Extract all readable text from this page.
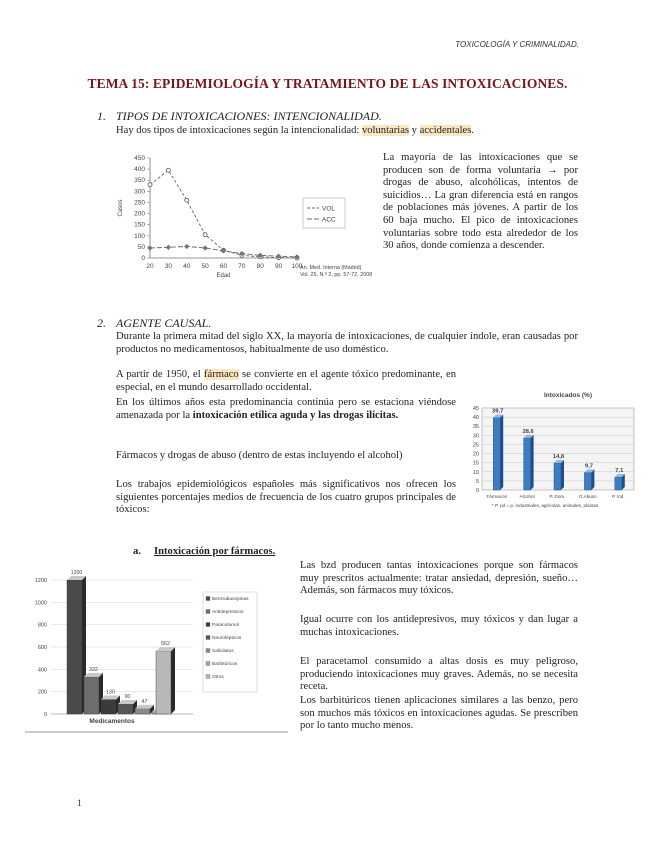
TOXICOLOGÍA Y CRIMINALIDAD.
TEMA 15: EPIDEMIOLOGÍA Y TRATAMIENTO DE LAS INTOXICACIONES.
1. TIPOS DE INTOXICACIONES: INTENCIONALIDAD.
Hay dos tipos de intoxicaciones según la intencionalidad: voluntarias y accidentales.
0
50
100
150
200
250
300
350
400
450
20 30 40 50 60 70 80 90 100
Edad
Casos	VOL
ACC
An. Med. Interna (Madrid)
Vol. 25, N.º 2, pp. 57-72, 2008
La mayoría de las intoxicaciones que se producen son de forma voluntaria → por drogas de abuso, alcohólicas, intentos de suicidios… La gran diferencia está en rangos de poblaciones más jóvenes. A partir de los 60 baja mucho. El pico de intoxicaciones voluntarias sobre todo esta alrededor de los 30 años, donde comienza a descender.
2. AGENTE CAUSAL.
Durante la primera mitad del siglo XX, la mayoría de intoxicaciones, de cualquier índole, eran causadas por productos no medicamentosos, habitualmente de uso doméstico.
A partir de 1950, el fármaco se convierte en el agente tóxico predominante, en especial, en el mundo desarrollado occidental.
En los últimos años esta predominancia continúa pero se estaciona viéndose amenazada por la intoxicación etílica aguda y las drogas ilícitas.
Fármacos y drogas de abuso (dentro de estas incluyendo el alcohol)
Los trabajos epidemiológicos españoles más significativos nos ofrecen los siguientes porcentajes medios de frecuencia de los cuatro grupos principales de tóxicos:
Intoxicados (%)
0
5
10
15
20
25
30
35
40
45 39,7
Fármacos
28,6
Alcohol
14,8
P. Dom.
9,7
D.Abuso
7,1
P. Ind.
* P. pd = p. industriales, agrícolas, animales, plantas
a. Intoxicación por fármacos.
0
200
400
600
800
1000
1200
1200
332
130
90
47
562
Medicamentos
Benzodiacepinas
Antidepresivos
Paracetamol
Neurolépticos
Salicilatos
Barbitúricos
Otros
Las bzd producen tantas intoxicaciones porque son fármacos muy prescritos actualmente: tratar ansiedad, depresión, sueño… Además, son fármacos muy tóxicos.
Igual ocurre con los antidepresivos, muy tóxicos y dan lugar a muchas intoxicaciones.
El paracetamol consumido a altas dosis es muy peligroso, produciendo intoxicaciones muy graves. Además, no se necesita receta.
Los barbitúricos tienen aplicaciones similares a las benzo, pero son muchos más tóxicos en intoxicaciones agudas. Se prescriben por lo tanto mucho menos.
1
